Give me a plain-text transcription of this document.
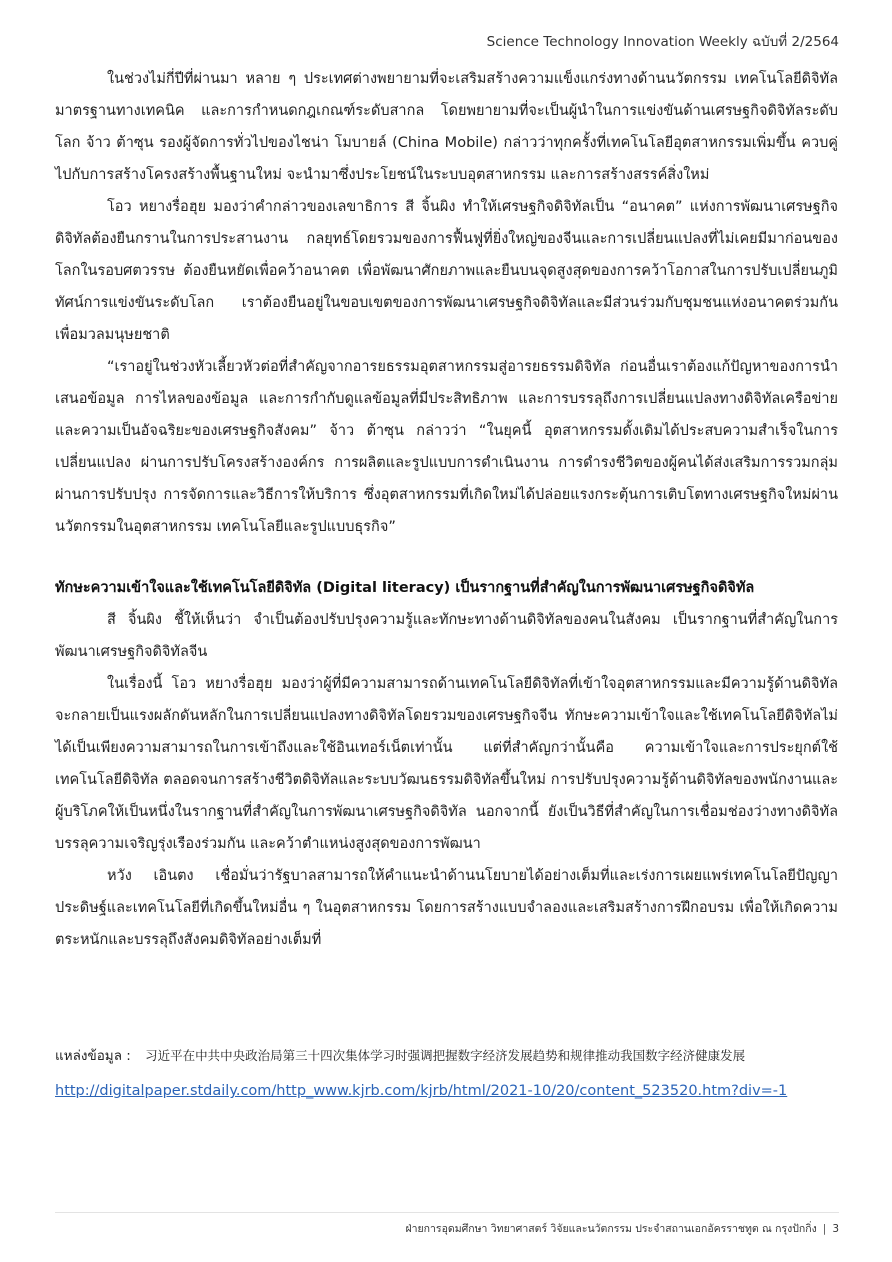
Science Technology Innovation Weekly ฉบับที่ 2/2564

ในช่วงไม่กี่ปีที่ผ่านมา หลาย ๆ ประเทศต่างพยายามที่จะเสริมสร้างความแข็งแกร่งทางด้านนวัตกรรม เทคโนโลยีดิจิทัล มาตรฐานทางเทคนิค และการกำหนดกฎเกณฑ์ระดับสากล โดยพยายามที่จะเป็นผู้นำในการแข่งขันด้านเศรษฐกิจดิจิทัลระดับโลก จ้าว ต้าซุน รองผู้จัดการทั่วไปของไชน่า โมบายล์ (China Mobile) กล่าวว่าทุกครั้งที่เทคโนโลยีอุตสาหกรรมเพิ่มขึ้น ควบคู่ไปกับการสร้างโครงสร้างพื้นฐานใหม่ จะนำมาซึ่งประโยชน์ในระบบอุตสาหกรรม และการสร้างสรรค์สิ่งใหม่

โอว หยางรื่อฮุย มองว่าคำกล่าวของเลขาธิการ สี จิ้นผิง ทำให้เศรษฐกิจดิจิทัลเป็น “อนาคต” แห่งการพัฒนาเศรษฐกิจดิจิทัลต้องยืนกรานในการประสานงาน กลยุทธ์โดยรวมของการฟื้นฟูที่ยิ่งใหญ่ของจีนและการเปลี่ยนแปลงที่ไม่เคยมีมาก่อนของโลกในรอบศตวรรษ ต้องยืนหยัดเพื่อคว้าอนาคต เพื่อพัฒนาศักยภาพและยืนบนจุดสูงสุดของการคว้าโอกาสในการปรับเปลี่ยนภูมิทัศน์การแข่งขันระดับโลก เราต้องยืนอยู่ในขอบเขตของการพัฒนาเศรษฐกิจดิจิทัลและมีส่วนร่วมกับชุมชนแห่งอนาคตร่วมกัน เพื่อมวลมนุษยชาติ

“เราอยู่ในช่วงหัวเลี้ยวหัวต่อที่สำคัญจากอารยธรรมอุตสาหกรรมสู่อารยธรรมดิจิทัล ก่อนอื่นเราต้องแก้ปัญหาของการนำเสนอข้อมูล การไหลของข้อมูล และการกำกับดูแลข้อมูลที่มีประสิทธิภาพ และการบรรลุถึงการเปลี่ยนแปลงทางดิจิทัลเครือข่าย และความเป็นอัจฉริยะของเศรษฐกิจสังคม” จ้าว ต้าซุน กล่าวว่า “ในยุคนี้ อุตสาหกรรมดั้งเดิมได้ประสบความสำเร็จในการเปลี่ยนแปลง ผ่านการปรับโครงสร้างองค์กร การผลิตและรูปแบบการดำเนินงาน การดำรงชีวิตของผู้คนได้ส่งเสริมการรวมกลุ่มผ่านการปรับปรุง การจัดการและวิธีการให้บริการ ซึ่งอุตสาหกรรมที่เกิดใหม่ได้ปล่อยแรงกระตุ้นการเติบโตทางเศรษฐกิจใหม่ผ่านนวัตกรรมในอุตสาหกรรม เทคโนโลยีและรูปแบบธุรกิจ”

ทักษะความเข้าใจและใช้เทคโนโลยีดิจิทัล (Digital literacy) เป็นรากฐานที่สำคัญในการพัฒนาเศรษฐกิจดิจิทัล

สี จิ้นผิง ชี้ให้เห็นว่า จำเป็นต้องปรับปรุงความรู้และทักษะทางด้านดิจิทัลของคนในสังคม เป็นรากฐานที่สำคัญในการพัฒนาเศรษฐกิจดิจิทัลจีน

ในเรื่องนี้ โอว หยางรื่อฮุย มองว่าผู้ที่มีความสามารถด้านเทคโนโลยีดิจิทัลที่เข้าใจอุตสาหกรรมและมีความรู้ด้านดิจิทัลจะกลายเป็นแรงผลักดันหลักในการเปลี่ยนแปลงทางดิจิทัลโดยรวมของเศรษฐกิจจีน ทักษะความเข้าใจและใช้เทคโนโลยีดิจิทัลไม่ได้เป็นเพียงความสามารถในการเข้าถึงและใช้อินเทอร์เน็ตเท่านั้น แต่ที่สำคัญกว่านั้นคือ ความเข้าใจและการประยุกต์ใช้เทคโนโลยีดิจิทัล ตลอดจนการสร้างชีวิตดิจิทัลและระบบวัฒนธรรมดิจิทัลขึ้นใหม่ การปรับปรุงความรู้ด้านดิจิทัลของพนักงานและผู้บริโภคให้เป็นหนึ่งในรากฐานที่สำคัญในการพัฒนาเศรษฐกิจดิจิทัล นอกจากนี้ ยังเป็นวิธีที่สำคัญในการเชื่อมช่องว่างทางดิจิทัล บรรลุความเจริญรุ่งเรืองร่วมกัน และคว้าตำแหน่งสูงสุดของการพัฒนา

หวัง เอินตง เชื่อมั่นว่ารัฐบาลสามารถให้คำแนะนำด้านนโยบายได้อย่างเต็มที่และเร่งการเผยแพร่เทคโนโลยีปัญญาประดิษฐ์และเทคโนโลยีที่เกิดขึ้นใหม่อื่น ๆ ในอุตสาหกรรม โดยการสร้างแบบจำลองและเสริมสร้างการฝึกอบรม เพื่อให้เกิดความตระหนักและบรรลุถึงสังคมดิจิทัลอย่างเต็มที่

แหล่งข้อมูล : 习近平在中共中央政治局第三十四次集体学习时强调把握数字经济发展趋势和规律推动我国数字经济健康发展
http://digitalpaper.stdaily.com/http_www.kjrb.com/kjrb/html/2021-10/20/content_523520.htm?div=-1
ฝ่ายการอุดมศึกษา วิทยาศาสตร์ วิจัยและนวัตกรรม ประจำสถานเอกอัครราชทูต ณ กรุงปักกิ่ง | 3
